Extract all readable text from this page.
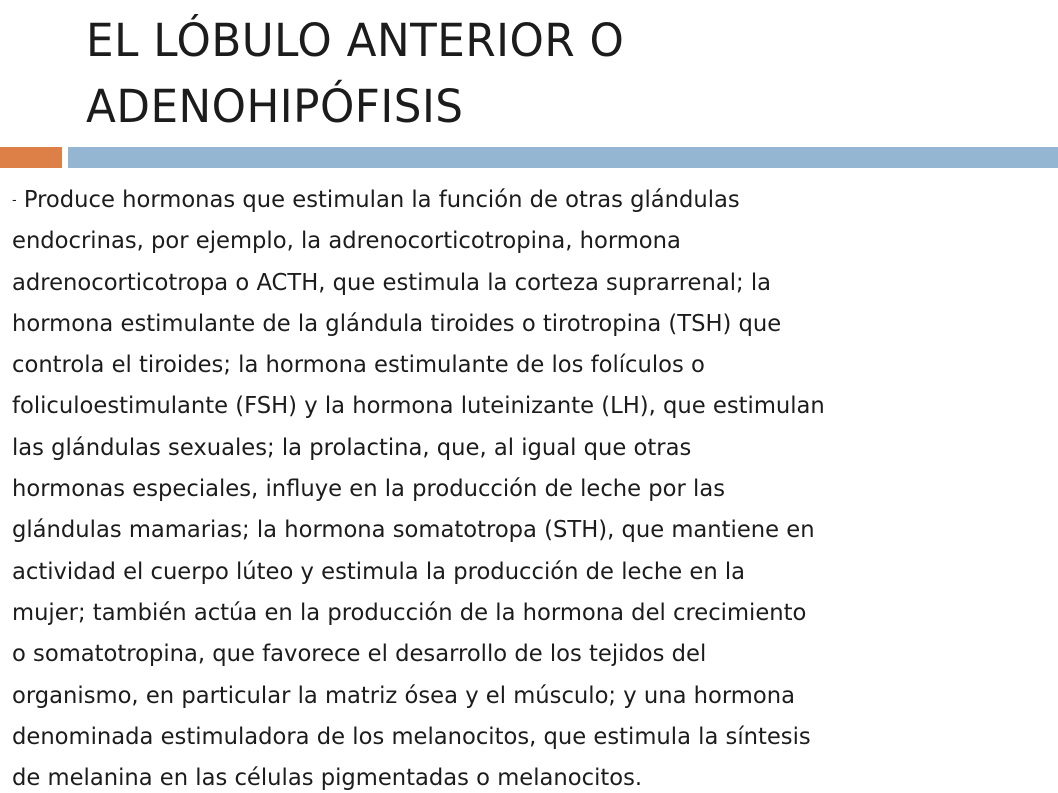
EL LÓBULO ANTERIOR O
ADENOHIPÓFISIS
- Produce hormonas que estimulan la función de otras glándulas
endocrinas, por ejemplo, la adrenocorticotropina, hormona
adrenocorticotropa o ACTH, que estimula la corteza suprarrenal; la
hormona estimulante de la glándula tiroides o tirotropina (TSH) que
controla el tiroides; la hormona estimulante de los folículos o
foliculoestimulante (FSH) y la hormona luteinizante (LH), que estimulan
las glándulas sexuales; la prolactina, que, al igual que otras
hormonas especiales, influye en la producción de leche por las
glándulas mamarias; la hormona somatotropa (STH), que mantiene en
actividad el cuerpo lúteo y estimula la producción de leche en la
mujer; también actúa en la producción de la hormona del crecimiento
o somatotropina, que favorece el desarrollo de los tejidos del
organismo, en particular la matriz ósea y el músculo; y una hormona
denominada estimuladora de los melanocitos, que estimula la síntesis
de melanina en las células pigmentadas o melanocitos.
